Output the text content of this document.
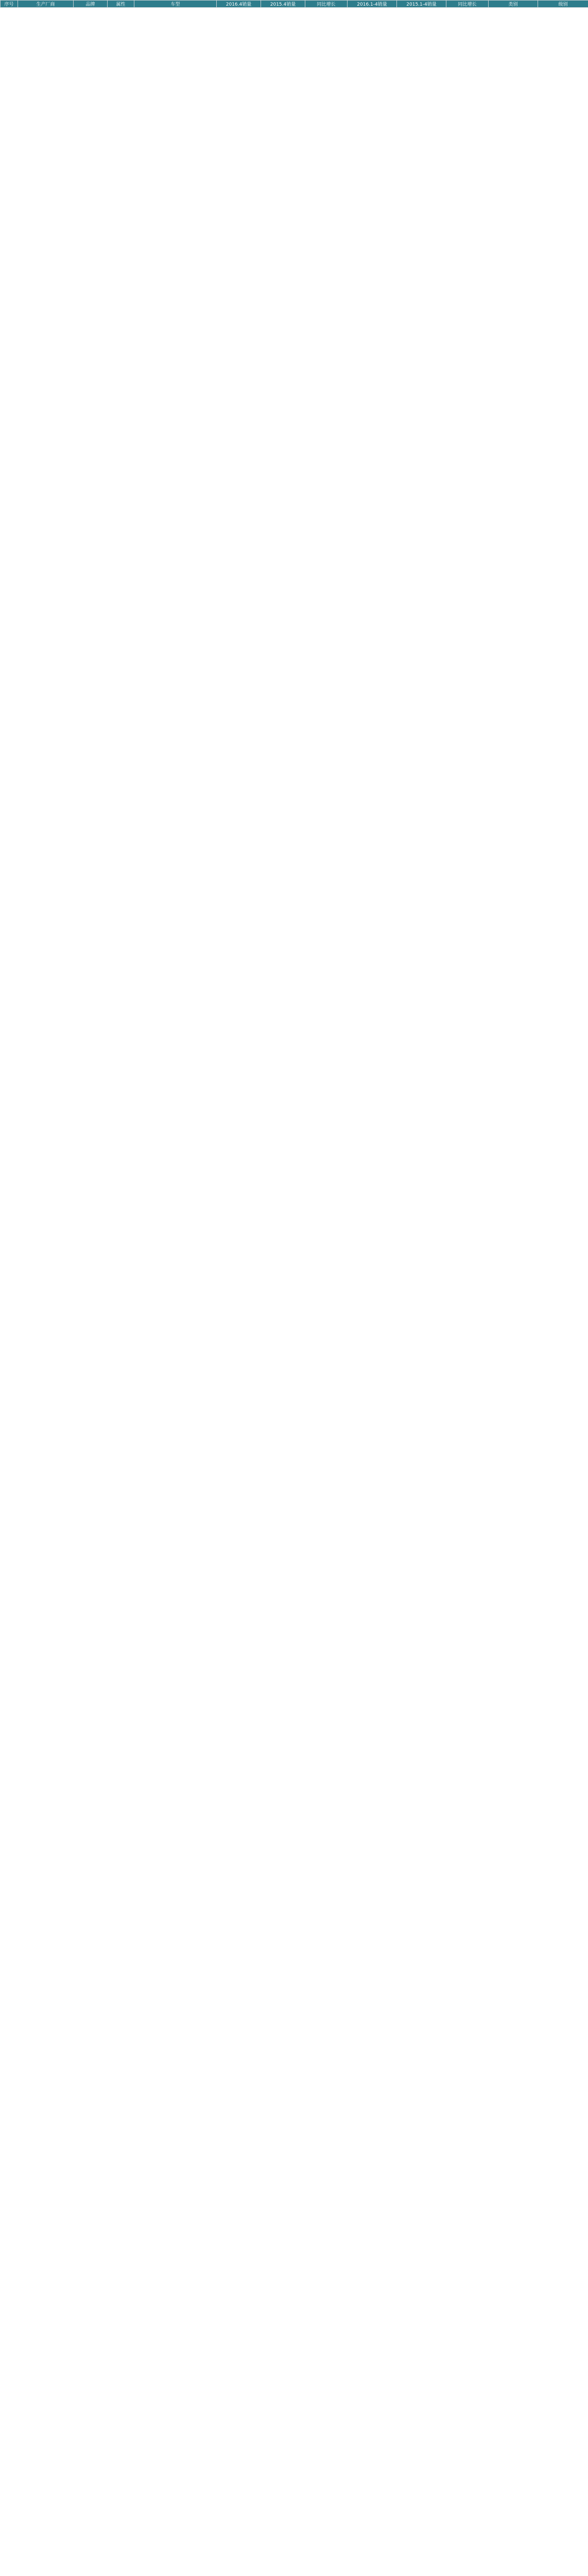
序号	生产厂商	品牌	属性	车型	2016.4销量	2015.4销量	同比增长	2016.1-4销量	2015.1-4销量	同比增长	类别	级别
